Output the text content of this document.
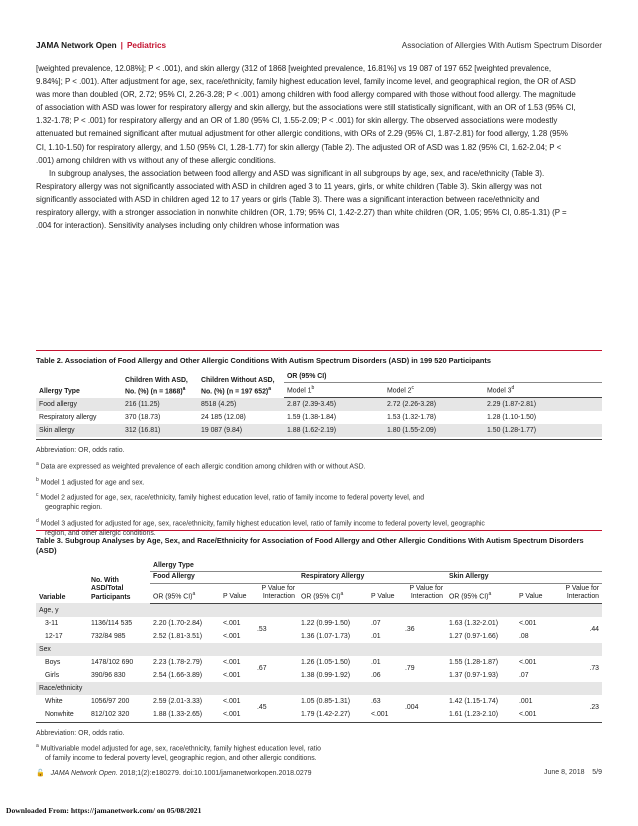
JAMA Network Open | Pediatrics	Association of Allergies With Autism Spectrum Disorder

[weighted prevalence, 12.08%]; P < .001), and skin allergy (312 of 1868 [weighted prevalence, 16.81%] vs 19 087 of 197 652 [weighted prevalence, 9.84%]; P < .001). After adjustment for age, sex, race/ethnicity, family highest education level, family income level, and geographical region, the OR of ASD was more than doubled (OR, 2.72; 95% CI, 2.26-3.28; P < .001) among children with food allergy compared with those without food allergy. The magnitude of association with ASD was lower for respiratory allergy and skin allergy, but the associations were still statistically significant, with an OR of 1.53 (95% CI, 1.32-1.78; P < .001) for respiratory allergy and an OR of 1.80 (95% CI, 1.55-2.09; P < .001) for skin allergy. The observed associations were modestly attenuated but remained significant after mutual adjustment for other allergic conditions, with ORs of 2.29 (95% CI, 1.87-2.81) for food allergy, 1.28 (95% CI, 1.10-1.50) for respiratory allergy, and 1.50 (95% CI, 1.28-1.77) for skin allergy (Table 2). The adjusted OR of ASD was 1.82 (95% CI, 1.62-2.04; P < .001) among children with vs without any of these allergic conditions.

In subgroup analyses, the association between food allergy and ASD was significant in all subgroups by age, sex, and race/ethnicity (Table 3). Respiratory allergy was not significantly associated with ASD in children aged 3 to 11 years, girls, or white children (Table 3). Skin allergy was not significantly associated with ASD in children aged 12 to 17 years or girls (Table 3). There was a significant interaction between race/ethnicity and respiratory allergy, with a stronger association in nonwhite children (OR, 1.79; 95% CI, 1.42-2.27) than white children (OR, 1.05; 95% CI, 0.85-1.31) (P = .004 for interaction). Sensitivity analyses including only children whose information was

Table 2. Association of Food Allergy and Other Allergic Conditions With Autism Spectrum Disorders (ASD) in 199 520 Participants
Allergy Type	Children With ASD, No. (%) (n = 1868)$^a$	Children Without ASD, No. (%) (n = 197 652)$^a$	OR (95% CI)		
			Model 1$^b$	Model 2$^c$	Model 3$^d$
Food allergy	216 (11.25)	8518 (4.25)	2.87 (2.39-3.45)	2.72 (2.26-3.28)	2.29 (1.87-2.81)
Respiratory allergy	370 (18.73)	24 185 (12.08)	1.59 (1.38-1.84)	1.53 (1.32-1.78)	1.28 (1.10-1.50)
Skin allergy	312 (16.81)	19 087 (9.84)	1.88 (1.62-2.19)	1.80 (1.55-2.09)	1.50 (1.28-1.77)
Abbreviation: OR, odds ratio.
$^a$ Data are expressed as weighted prevalence of each allergic condition among children with or without ASD.
$^b$ Model 1 adjusted for age and sex.
$^c$ Model 2 adjusted for age, sex, race/ethnicity, family highest education level, ratio of family income to federal poverty level, and geographic region.
$^d$ Model 3 adjusted for adjusted for age, sex, race/ethnicity, family highest education level, ratio of family income to federal poverty level, geographic region, and other allergic conditions.
Table 3. Subgroup Analyses by Age, Sex, and Race/Ethnicity for Association of Food Allergy and Other Allergic Conditions With Autism Spectrum Disorders (ASD)
Variable	No. With ASD/Total Participants	Allergy Type								
		Food Allergy			Respiratory Allergy			Skin Allergy		
		OR (95% CI)$^a$	P Value	P Value for Interaction	OR (95% CI)$^a$	P Value	P Value for Interaction	OR (95% CI)$^a$	P Value	P Value for Interaction
Age, y										
3-11	1136/114 535	2.20 (1.70-2.84)	<.001	.53	1.22 (0.99-1.50)	.07	.36	1.63 (1.32-2.01)	<.001	.44
12-17	732/84 985	2.52 (1.81-3.51)	<.001		1.36 (1.07-1.73)	.01		1.27 (0.97-1.66)	.08	
Sex										
Boys	1478/102 690	2.23 (1.78-2.79)	<.001	.67	1.26 (1.05-1.50)	.01	.79	1.55 (1.28-1.87)	<.001	.73
Girls	390/96 830	2.54 (1.66-3.89)	<.001		1.38 (0.99-1.92)	.06		1.37 (0.97-1.93)	.07	
Race/ethnicity										
White	1056/97 200	2.59 (2.01-3.33)	<.001	.45	1.05 (0.85-1.31)	.63	.004	1.42 (1.15-1.74)	.001	.23
Nonwhite	812/102 320	1.88 (1.33-2.65)	<.001		1.79 (1.42-2.27)	<.001		1.61 (1.23-2.10)	<.001	
Abbreviation: OR, odds ratio.
$^a$ Multivariable model adjusted for age, sex, race/ethnicity, family highest education level, ratio of family income to federal poverty level, geographic region, and other allergic conditions.
🔓 JAMA Network Open. 2018;1(2):e180279. doi:10.1001/jamanetworkopen.2018.0279	June 8, 2018 5/9
Downloaded From: https://jamanetwork.com/ on 05/08/2021
